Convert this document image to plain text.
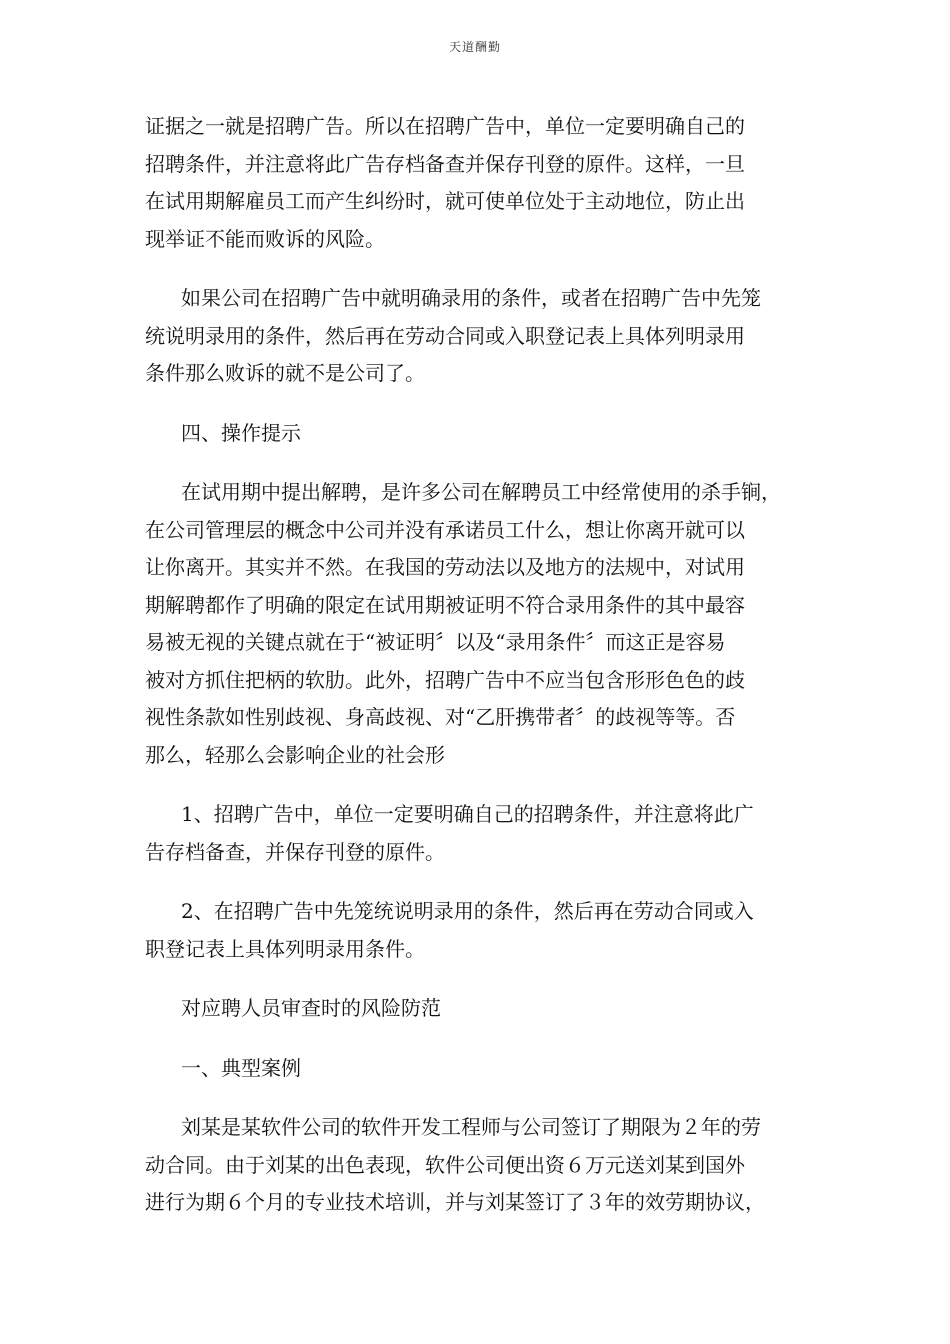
天道酬勤

证据之一就是招聘广告。所以在招聘广告中，单位一定要明确自己的
招聘条件，并注意将此广告存档备查并保存刊登的原件。这样，一旦
在试用期解雇员工而产生纠纷时，就可使单位处于主动地位，防止出
现举证不能而败诉的风险。

如果公司在招聘广告中就明确录用的条件，或者在招聘广告中先笼
统说明录用的条件，然后再在劳动合同或入职登记表上具体列明录用
条件那么败诉的就不是公司了。

四、操作提示

在试用期中提出解聘，是许多公司在解聘员工中经常使用的杀手锏，
在公司管理层的概念中公司并没有承诺员工什么，想让你离开就可以
让你离开。其实并不然。在我国的劳动法以及地方的法规中，对试用
期解聘都作了明确的限定在试用期被证明不符合录用条件的其中最容
易被无视的关键点就在于“被证明〞以及“录用条件〞而这正是容易
被对方抓住把柄的软肋。此外，招聘广告中不应当包含形形色色的歧
视性条款如性别歧视、身高歧视、对“乙肝携带者〞的歧视等等。否
那么，轻那么会影响企业的社会形

1、招聘广告中，单位一定要明确自己的招聘条件，并注意将此广
告存档备查，并保存刊登的原件。

2、在招聘广告中先笼统说明录用的条件，然后再在劳动合同或入
职登记表上具体列明录用条件。

对应聘人员审查时的风险防范

一、典型案例

刘某是某软件公司的软件开发工程师与公司签订了期限为２年的劳
动合同。由于刘某的出色表现，软件公司便出资６万元送刘某到国外
进行为期６个月的专业技术培训，并与刘某签订了３年的效劳期协议，
